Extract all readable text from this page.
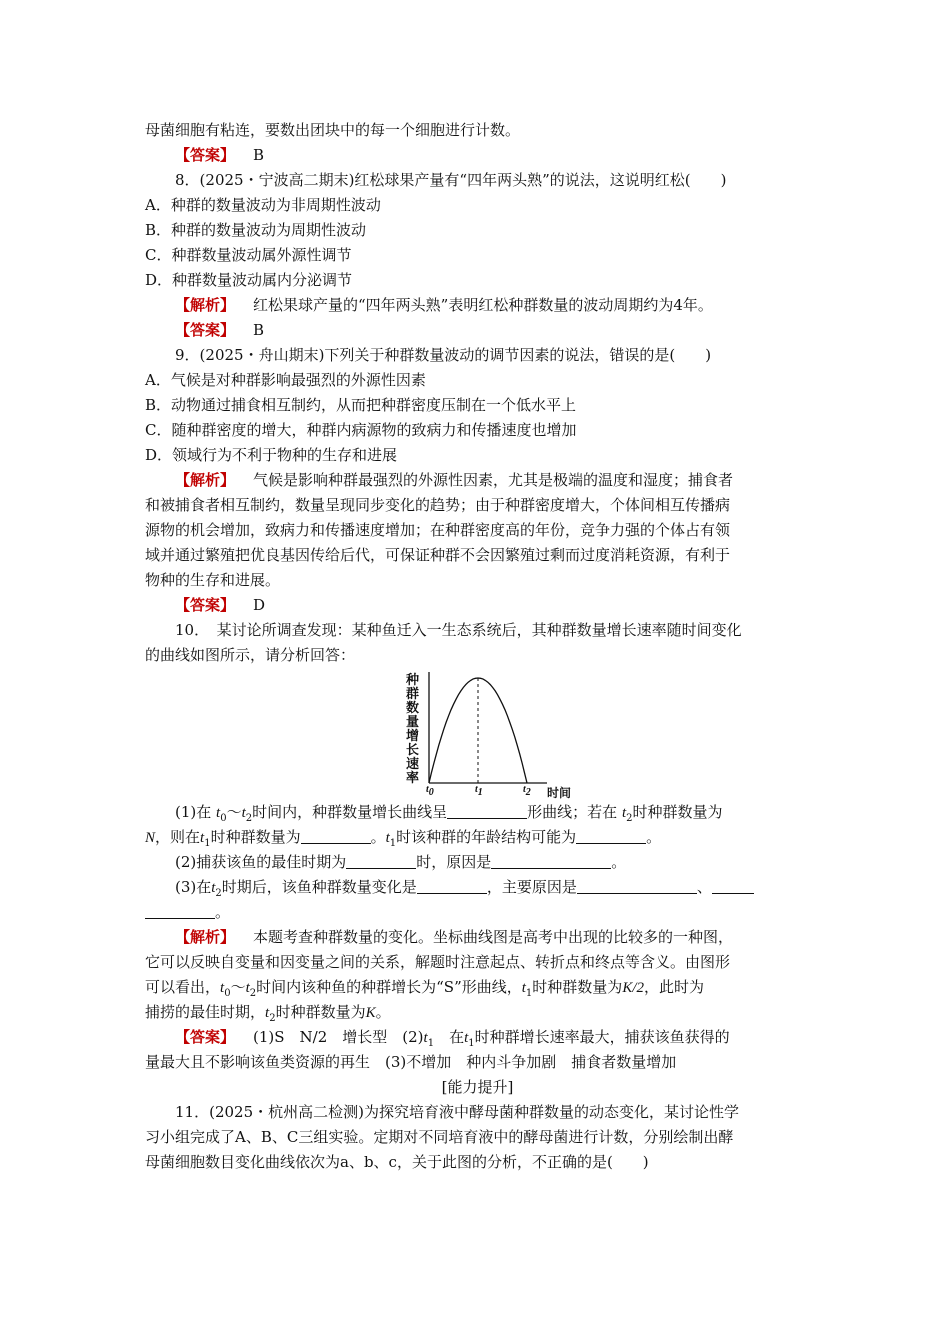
母菌细胞有粘连，要数出团块中的每一个细胞进行计数。
【答案】 B
8．(2025・宁波高二期末)红松球果产量有“四年两头熟”的说法，这说明红松(　　)
A．种群的数量波动为非周期性波动
B．种群的数量波动为周期性波动
C．种群数量波动属外源性调节
D．种群数量波动属内分泌调节
【解析】 红松果球产量的“四年两头熟”表明红松种群数量的波动周期约为4年。
【答案】 B
9．(2025・舟山期末)下列关于种群数量波动的调节因素的说法，错误的是(　　)
A．气候是对种群影响最强烈的外源性因素
B．动物通过捕食相互制约，从而把种群密度压制在一个低水平上
C．随种群密度的增大，种群内病源物的致病力和传播速度也增加
D．领域行为不利于物种的生存和进展
【解析】 气候是影响种群最强烈的外源性因素，尤其是极端的温度和湿度；捕食者
和被捕食者相互制约，数量呈现同步变化的趋势；由于种群密度增大，个体间相互传播病
源物的机会增加，致病力和传播速度增加；在种群密度高的年份，竞争力强的个体占有领
域并通过繁殖把优良基因传给后代，可保证种群不会因繁殖过剩而过度消耗资源，有利于
物种的生存和进展。
【答案】 D
10．　某讨论所调查发现：某种鱼迁入一生态系统后，其种群数量增长速率随时间变化
的曲线如图所示，请分析回答：
种群数量增长速率
$t_0$	$t_1$	$t_2$ 时间
(1)在 $t_0\sim t_2$时间内，种群数量增长曲线呈	形曲线；若在 $t_2$时种群数量为
N，则在$t_1$时种群数量为	。$t_1$时该种群的年龄结构可能为	。
(2)捕获该鱼的最佳时期为	时，原因是	。
(3)在$t_2$时期后，该鱼种群数量变化是	，主要原因是	、
。
【解析】 本题考查种群数量的变化。坐标曲线图是高考中出现的比较多的一种图，
它可以反映自变量和因变量之间的关系，解题时注意起点、转折点和终点等含义。由图形
可以看出，$t_0\sim t_2$时间内该种鱼的种群增长为“S”形曲线，$t_1$时种群数量为K/2，此时为
捕捞的最佳时期，$t_2$时种群数量为K。
【答案】 (1)S　N/2　增长型　$(2)t_1$　在$t_1$时种群增长速率最大，捕获该鱼获得的
量最大且不影响该鱼类资源的再生　(3)不增加　种内斗争加剧　捕食者数量增加
[能力提升]
11．(2025・杭州高二检测)为探究培育液中酵母菌种群数量的动态变化，某讨论性学
习小组完成了A、B、C三组实验。定期对不同培育液中的酵母菌进行计数，分别绘制出酵
母菌细胞数目变化曲线依次为a、b、c，关于此图的分析，不正确的是(　　)
